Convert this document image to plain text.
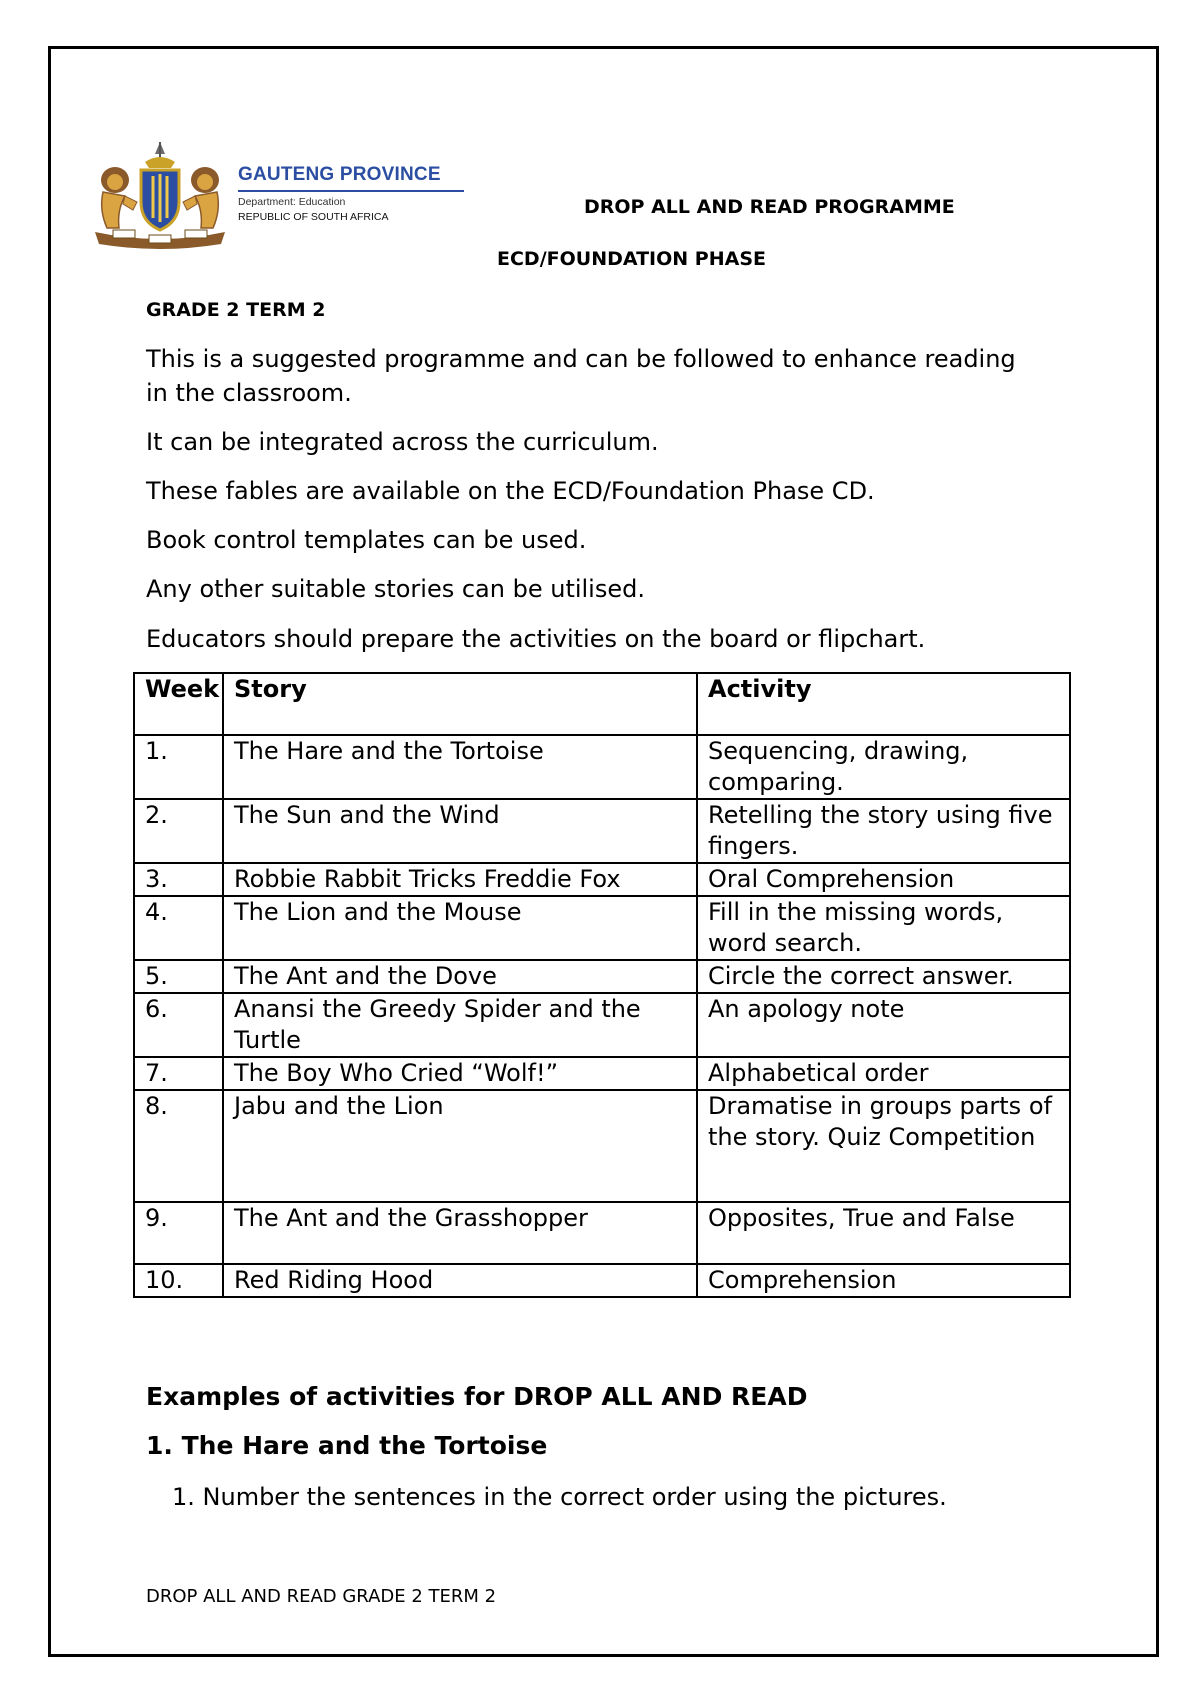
GAUTENG PROVINCE
Department: Education
REPUBLIC OF SOUTH AFRICA	DROP ALL AND READ PROGRAMME
ECD/FOUNDATION PHASE
GRADE 2 TERM 2
This is a suggested programme and can be followed to enhance reading in the classroom.
It can be integrated across the curriculum.
These fables are available on the ECD/Foundation Phase CD.
Book control templates can be used.
Any other suitable stories can be utilised.
Educators should prepare the activities on the board or flipchart.
Week	Story	Activity
1.	The Hare and the Tortoise	Sequencing, drawing, comparing.
2.	The Sun and the Wind	Retelling the story using five fingers.
3.	Robbie Rabbit Tricks Freddie Fox	Oral Comprehension
4.	The Lion and the Mouse	Fill in the missing words, word search.
5.	The Ant and the Dove	Circle the correct answer.
6.	Anansi the Greedy Spider and the Turtle	An apology note
7.	The Boy Who Cried “Wolf!”	Alphabetical order
8.	Jabu and the Lion	Dramatise in groups parts of the story. Quiz Competition
9.	The Ant and the Grasshopper	Opposites, True and False
10.	Red Riding Hood	Comprehension
Examples of activities for DROP ALL AND READ
1. The Hare and the Tortoise
1. Number the sentences in the correct order using the pictures.
DROP ALL AND READ GRADE 2 TERM 2
